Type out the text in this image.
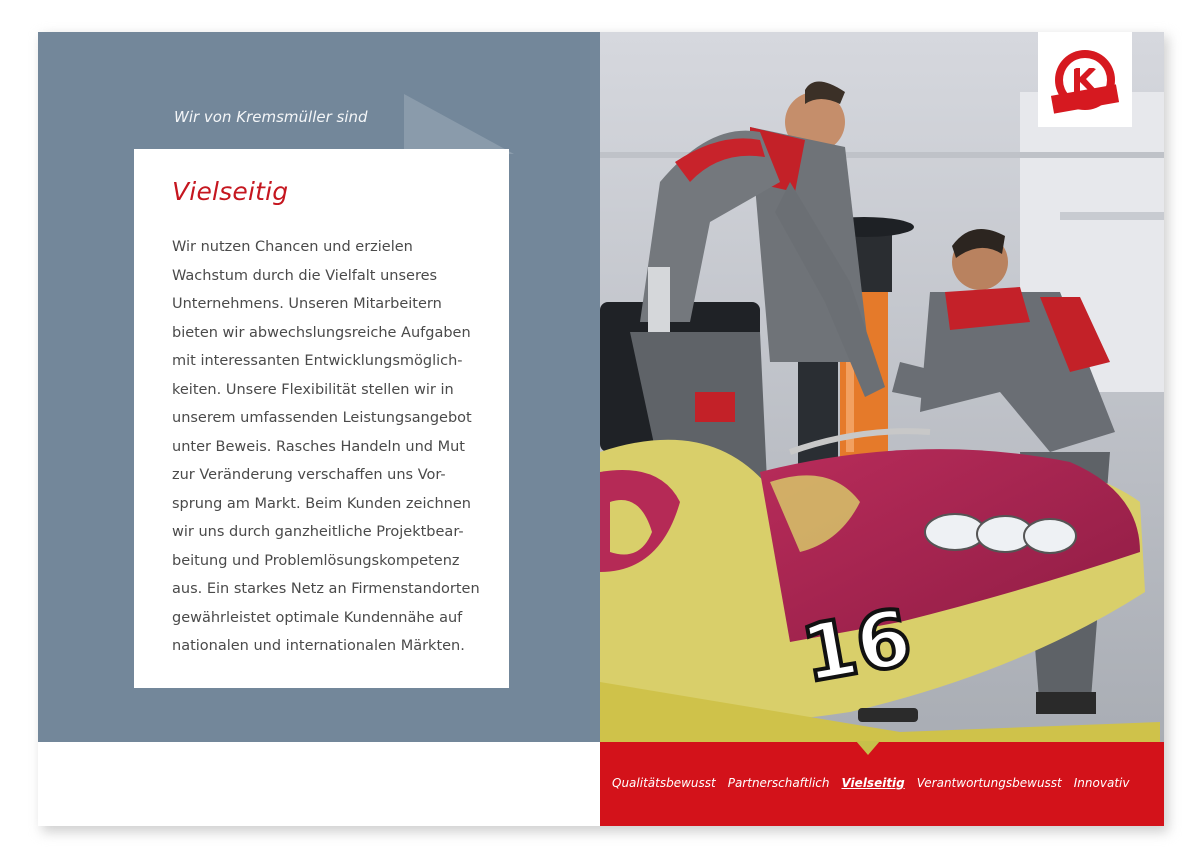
Wir von Kremsmüller sind
Vielseitig

Wir nutzen Chancen und erzielen
Wachstum durch die Vielfalt unseres
Unternehmens. Unseren Mitarbeitern
bieten wir abwechslungsreiche Aufgaben
mit interessanten Entwicklungsmöglich-
keiten. Unsere Flexibilität stellen wir in
unserem umfassenden Leistungsangebot
unter Beweis. Rasches Handeln und Mut
zur Veränderung verschaffen uns Vor-
sprung am Markt. Beim Kunden zeichnen
wir uns durch ganzheitliche Projektbear-
beitung und Problemlösungskompetenz
aus. Ein starkes Netz an Firmenstandorten
gewährleistet optimale Kundennähe auf
nationalen und internationalen Märkten.	16
Qualitätsbewusst Partnerschaftlich Vielseitig Verantwortungsbewusst Innovativ
